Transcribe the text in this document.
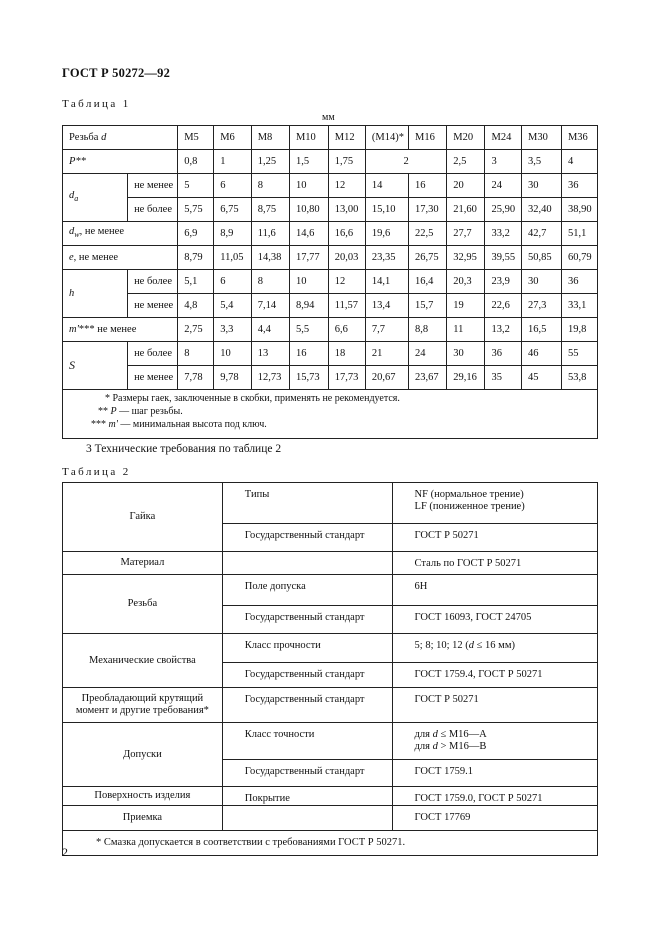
ГОСТ Р 50272—92
Таблица 1
мм
Резьба d		M5	M6	M8	M10	M12	(M14)*	M16	M20	M24	M30	M36
P**		0,8	1	1,25	1,5	1,75	2		2,5	3	3,5	4
$d_a$	не менее	5	6	8	10	12	14	16	20	24	30	36
	не более	5,75	6,75	8,75	10,80	13,00	15,10	17,30	21,60	25,90	32,40	38,90
$d_w$, не менее		6,9	8,9	11,6	14,6	16,6	19,6	22,5	27,7	33,2	42,7	51,1
e, не менее		8,79	11,05	14,38	17,77	20,03	23,35	26,75	32,95	39,55	50,85	60,79
h	не более	5,1	6	8	10	12	14,1	16,4	20,3	23,9	30	36
	не менее	4,8	5,4	7,14	8,94	11,57	13,4	15,7	19	22,6	27,3	33,1
m'*** не менее		2,75	3,3	4,4	5,5	6,6	7,7	8,8	11	13,2	16,5	19,8
S	не более	8	10	13	16	18	21	24	30	36	46	55
	не менее	7,78	9,78	12,73	15,73	17,73	20,67	23,67	29,16	35	45	53,8

* Размеры гаек, заключенные в скобки, применять не рекомендуется.
** P — шаг резьбы.
*** m' — минимальная высота под ключ.												
3 Технические требования по таблице 2
Таблица 2
Гайка	Типы	NF (нормальное трение)
LF (пониженное трение)

	Государственный стандарт	ГОСТ Р 50271
Материал		Сталь по ГОСТ Р 50271
Резьба	Поле допуска	6H
	Государственный стандарт	ГОСТ 16093, ГОСТ 24705
Механические свойства	Класс прочности	5; 8; 10; 12 (d ≤ 16 мм)
	Государственный стандарт	ГОСТ 1759.4, ГОСТ Р 50271

Преобладающий крутящий
момент и другие требования*	Государственный стандарт	ГОСТ Р 50271
Допуски	Класс точности	для d ≤ M16—A
для d > M16—B

	Государственный стандарт	ГОСТ 1759.1
Поверхность изделия	Покрытие	ГОСТ 1759.0, ГОСТ Р 50271
Приемка		ГОСТ 17769
* Смазка допускается в соответствии с требованиями ГОСТ Р 50271.		
2
